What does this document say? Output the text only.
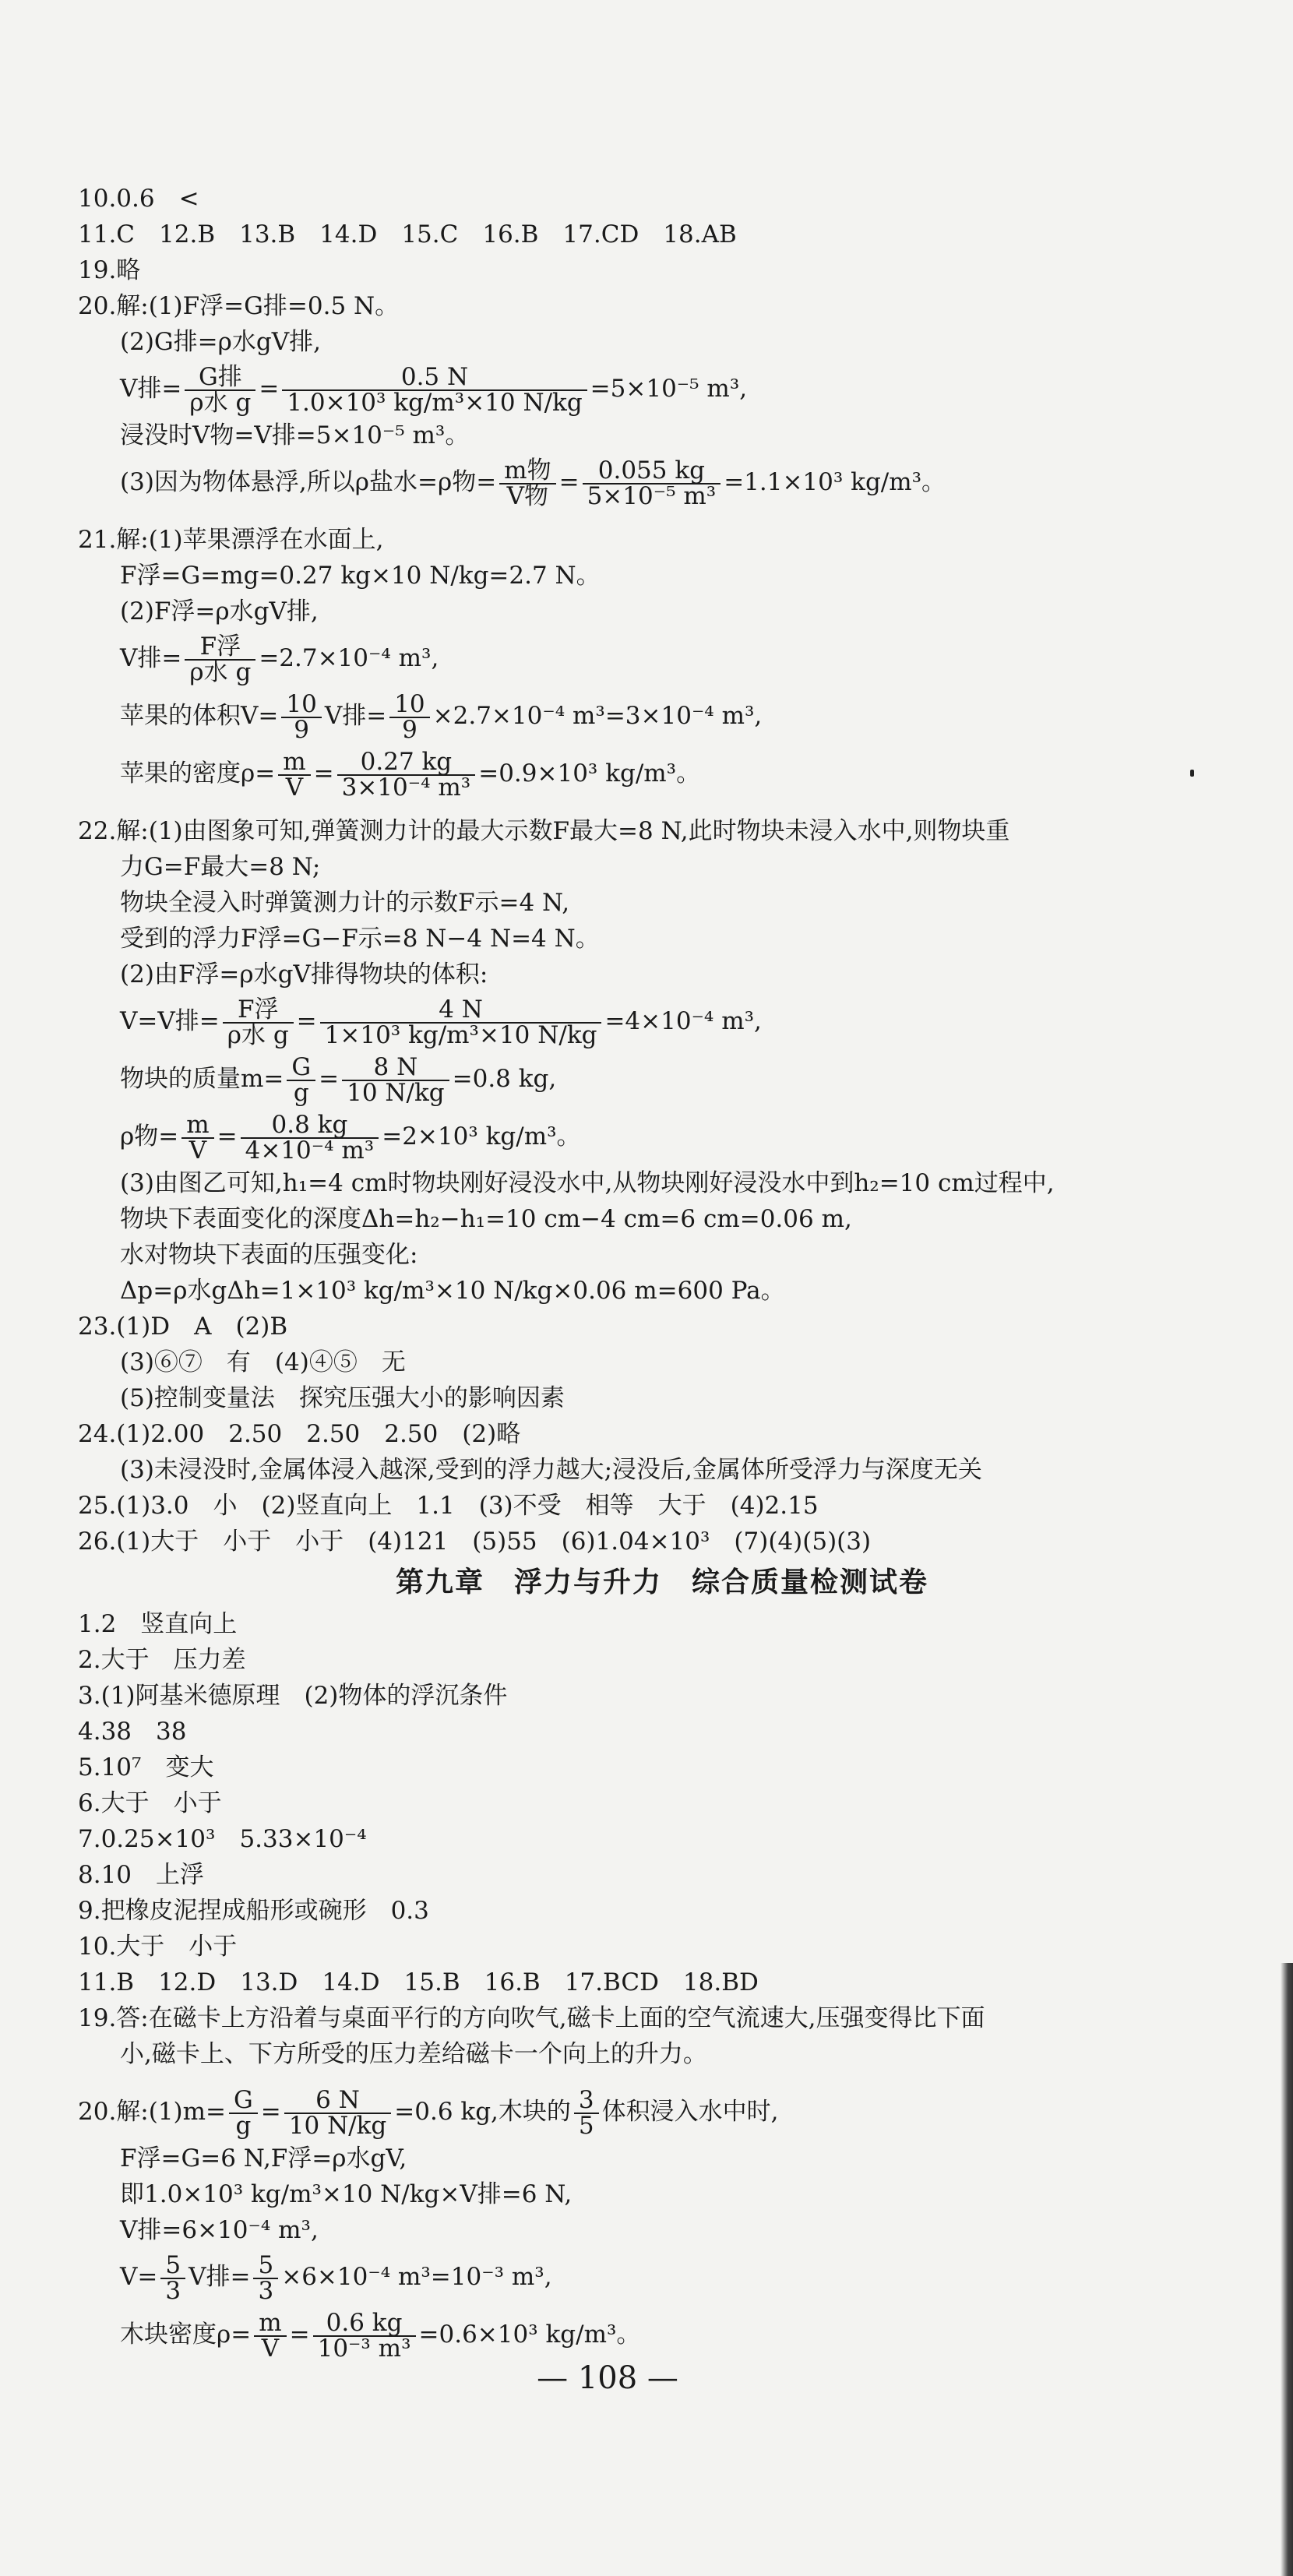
10.0.6　<
11.C　12.B　13.B　14.D　15.C　16.B　17.CD　18.AB
19.略
20.解:(1)F浮=G排=0.5 N。
(2)G排=ρ水gV排,
V排= $\frac{\text{G排}}{\text{ρ水 g}} = \frac{0.5 N}{\text{1.0×10³ kg/m³×10 N/kg}} =5\times 10^{-5}$ m³,
浸没时V物=V排=5×10⁻⁵ m³。
(3)因为物体悬浮,所以ρ盐水=ρ物= $\frac{\text{m物}}{\text{V物}} = \frac{0.055 kg}{\text{5×10⁻⁵ m³}} =1.1\times 10^3$ kg/m³。
21.解:(1)苹果漂浮在水面上,
F浮=G=mg=0.27 kg×10 N/kg=2.7 N。
(2)F浮=ρ水gV排,
V排= $\frac{\text{F浮}}{\text{ρ水 g}} =2.7\times 10^{-4}$ m³,
苹果的体积$V= \frac{10}{9}$ V排= $\frac{10}{9} \times 2.7\times 10^{-4}$ m³=3×10⁻⁴ m³,
苹果的密度$\rho= \frac{m}{V} = \frac{0.27 kg}{\text{3×10⁻⁴ m³}} =0.9\times 10^3$ kg/m³。
22.解:(1)由图象可知,弹簧测力计的最大示数F最大=8 N,此时物块未浸入水中,则物块重
力G=F最大=8 N;
物块全浸入时弹簧测力计的示数F示=4 N,
受到的浮力F浮=G−F示=8 N−4 N=4 N。
(2)由F浮=ρ水gV排得物块的体积:
V=V排= $\frac{\text{F浮}}{\text{ρ水 g}} = \frac{4 N}{\text{1×10³ kg/m³×10 N/kg}} =4\times 10^{-4}$ m³,
物块的质量$m= \frac{G}{g} = \frac{8 N}{10 N/kg} =0.8$ kg,
ρ物= $\frac{m}{V} = \frac{0.8 kg}{\text{4×10⁻⁴ m³}} =2\times 10^3$ kg/m³。
(3)由图乙可知,h₁=4 cm时物块刚好浸没水中,从物块刚好浸没水中到h₂=10 cm过程中,
物块下表面变化的深度Δh=h₂−h₁=10 cm−4 cm=6 cm=0.06 m,
水对物块下表面的压强变化:
Δp=ρ水gΔh=1×10³ kg/m³×10 N/kg×0.06 m=600 Pa。
23.(1)D　A　(2)B
(3)⑥⑦　有　(4)④⑤　无
(5)控制变量法　探究压强大小的影响因素
24.(1)2.00　2.50　2.50　2.50　(2)略
(3)未浸没时,金属体浸入越深,受到的浮力越大;浸没后,金属体所受浮力与深度无关
25.(1)3.0　小　(2)竖直向上　1.1　(3)不受　相等　大于　(4)2.15
26.(1)大于　小于　小于　(4)121　(5)55　(6)1.04×10³　(7)(4)(5)(3)
第九章　浮力与升力　综合质量检测试卷
1.2　竖直向上
2.大于　压力差
3.(1)阿基米德原理　(2)物体的浮沉条件
4.38　38
5.10⁷　变大
6.大于　小于
7.0.25×10³　5.33×10⁻⁴
8.10　上浮
9.把橡皮泥捏成船形或碗形　0.3
10.大于　小于
11.B　12.D　13.D　14.D　15.B　16.B　17.BCD　18.BD
19.答:在磁卡上方沿着与桌面平行的方向吹气,磁卡上面的空气流速大,压强变得比下面
小,磁卡上、下方所受的压力差给磁卡一个向上的升力。
20.解:(1)m= $\frac{G}{g} = \frac{6 N}{10 N/kg} =0.6$ kg,木块的 $\frac{3}{5}$ 体积浸入水中时,
F浮=G=6 N,F浮=ρ水gV,
即1.0×10³ kg/m³×10 N/kg×V排=6 N,
V排=6×10⁻⁴ m³,
$V= \frac{5}{3}$ V排= $\frac{5}{3} \times 6\times 10^{-4}$ m³=10⁻³ m³,
木块密度$\rho= \frac{m}{V} = \frac{0.6 kg}{\text{10⁻³ m³}} =0.6\times 10^3$ kg/m³。
— 108 —
